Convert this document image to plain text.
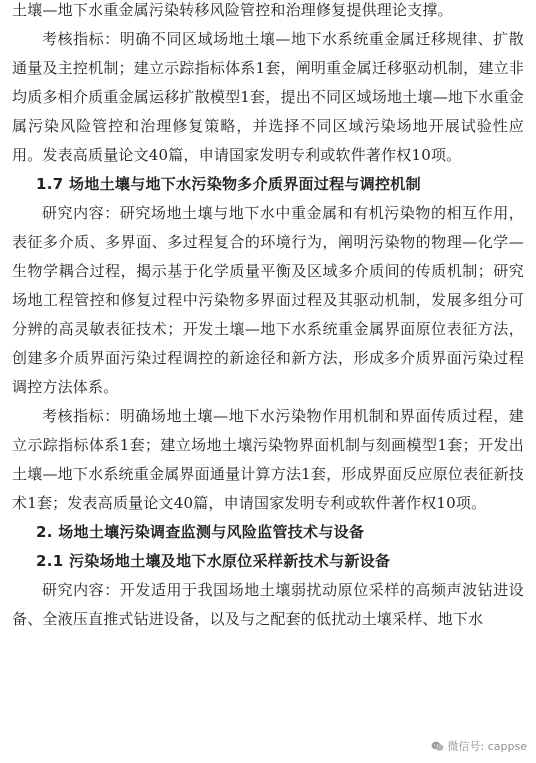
土壤—地下水重金属污染转移风险管控和治理修复提供理论支撑。

考核指标：明确不同区域场地土壤—地下水系统重金属迁移规律、扩散通量及主控机制；建立示踪指标体系1套，阐明重金属迁移驱动机制，建立非均质多相介质重金属运移扩散模型1套，提出不同区域场地土壤—地下水重金属污染风险管控和治理修复策略，并选择不同区域污染场地开展试验性应用。发表高质量论文40篇，申请国家发明专利或软件著作权10项。

1.7 场地土壤与地下水污染物多介质界面过程与调控机制

研究内容：研究场地土壤与地下水中重金属和有机污染物的相互作用，表征多介质、多界面、多过程复合的环境行为，阐明污染物的物理—化学—生物学耦合过程，揭示基于化学质量平衡及区域多介质间的传质机制；研究场地工程管控和修复过程中污染物多界面过程及其驱动机制，发展多组分可分辨的高灵敏表征技术；开发土壤—地下水系统重金属界面原位表征方法，创建多介质界面污染过程调控的新途径和新方法，形成多介质界面污染过程调控方法体系。

考核指标：明确场地土壤—地下水污染物作用机制和界面传质过程，建立示踪指标体系1套；建立场地土壤污染物界面机制与刻画模型1套；开发出土壤—地下水系统重金属界面通量计算方法1套，形成界面反应原位表征新技术1套；发表高质量论文40篇，申请国家发明专利或软件著作权10项。

2. 场地土壤污染调查监测与风险监管技术与设备

2.1 污染场地土壤及地下水原位采样新技术与新设备

研究内容：开发适用于我国场地土壤弱扰动原位采样的高频声波钻进设备、全液压直推式钻进设备，以及与之配套的低扰动土壤采样、地下水

微信号: cappse
